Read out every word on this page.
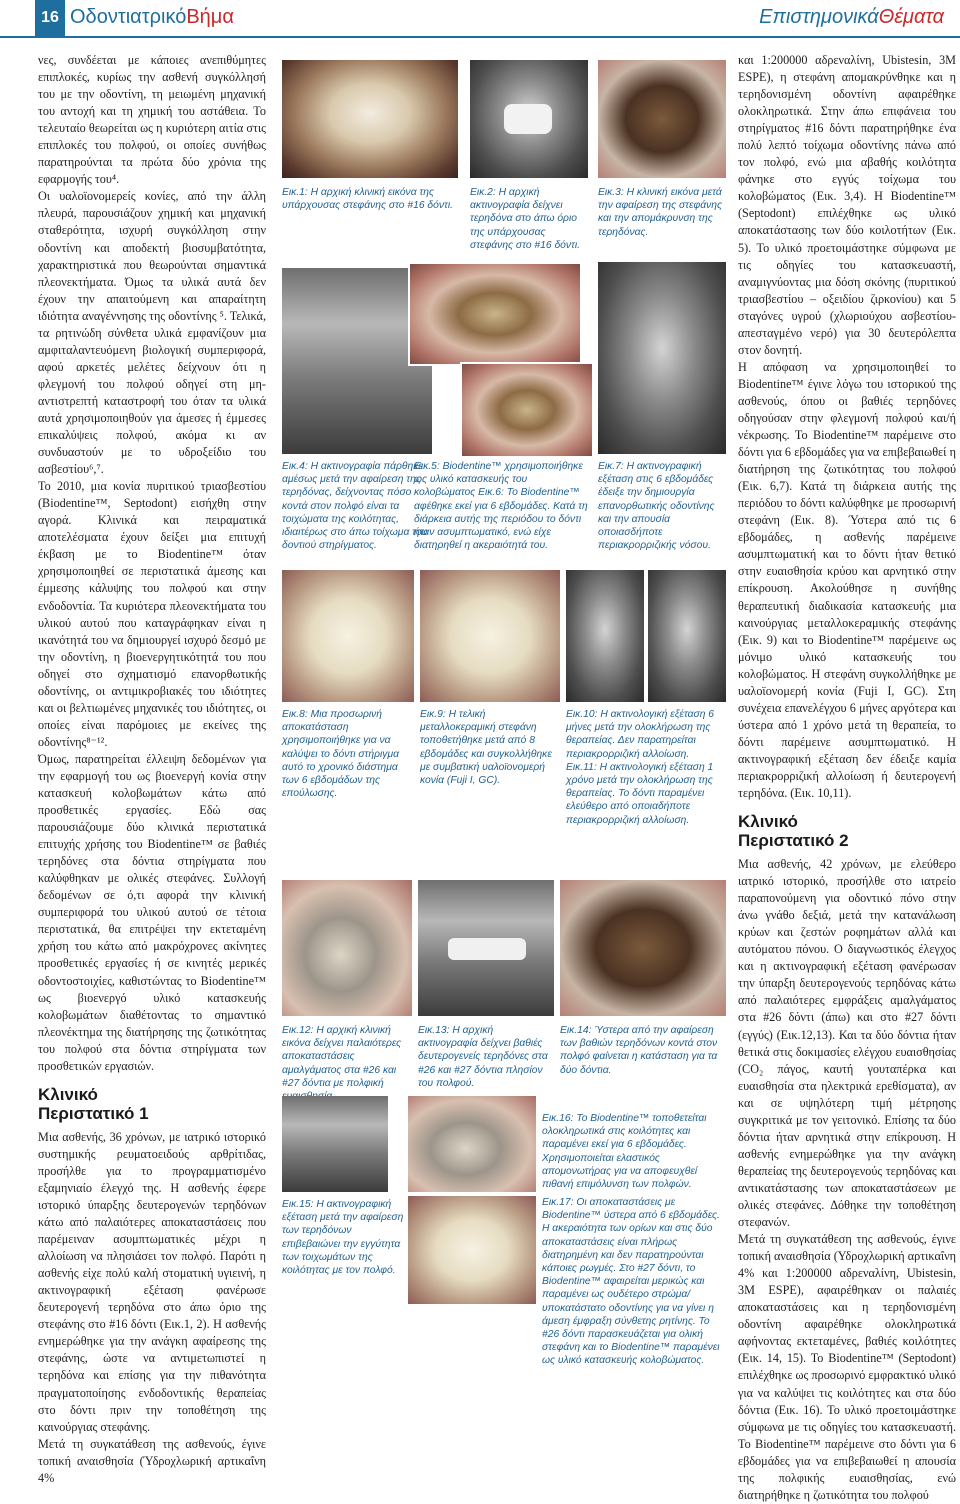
16 ΟδοντιατρικόΒήμα	ΕπιστημονικάΘέματα

νες, συνδέεται με κάποιες ανεπιθύμητες επιπλοκές, κυρίως την ασθενή συγκόλλησή του με την οδοντίνη, τη μειωμένη μηχανική του αντοχή και τη χημική του αστάθεια. Το τελευταίο θεωρείται ως η κυριότερη αιτία στις επιπλοκές του πολφού, οι οποίες συνήθως παρατηρούνται τα πρώτα δύο χρόνια της εφαρμογής του⁴.

Οι υαλοϊονομερείς κονίες, από την άλλη πλευρά, παρουσιάζουν χημική και μηχανική σταθερότητα, ισχυρή συγκόλληση στην οδοντίνη και αποδεκτή βιοσυμβατότητα, χαρακτηριστικά που θεωρούνται σημαντικά πλεονεκτήματα. Όμως τα υλικά αυτά δεν έχουν την απαιτούμενη και απαραίτητη ιδιότητα αναγέννησης της οδοντίνης ⁵. Τελικά, τα ρητινώδη σύνθετα υλικά εμφανίζουν μια αμφιταλαντευόμενη βιολογική συμπεριφορά, αφού αρκετές μελέτες δείχνουν ότι η φλεγμονή του πολφού οδηγεί στη μη-αντιστρεπτή καταστροφή του όταν τα υλικά αυτά χρησιμοποιηθούν για άμεσες ή έμμεσες επικαλύψεις πολφού, ακόμα κι αν συνδυαστούν με το υδροξείδιο του ασβεστίου⁶,⁷.

Το 2010, μια κονία πυριτικού τριασβεστίου (Biodentine™, Septodont) εισήχθη στην αγορά. Κλινικά και πειραματικά αποτελέσματα έχουν δείξει μια επιτυχή έκβαση με το Biodentine™ όταν χρησιμοποιηθεί σε περιστατικά άμεσης και έμμεσης κάλυψης του πολφού και στην ενδοδοντία. Τα κυριότερα πλεονεκτήματα του υλικού αυτού που καταγράφηκαν είναι η ικανότητά του να δημιουργεί ισχυρό δεσμό με την οδοντίνη, η βιοενεργητικότητά του που οδηγεί στο σχηματισμό επανορθωτικής οδοντίνης, οι αντιμικροβιακές του ιδιότητες και οι βελτιωμένες μηχανικές του ιδιότητες, οι οποίες είναι παρόμοιες με εκείνες της οδοντίνης⁸⁻¹².

Όμως, παρατηρείται έλλειψη δεδομένων για την εφαρμογή του ως βιοενεργή κονία στην κατασκευή κολοβωμάτων κάτω από προσθετικές εργασίες. Εδώ σας παρουσιάζουμε δύο κλινικά περιστατικά επιτυχής χρήσης του Biodentine™ σε βαθιές τερηδόνες στα δόντια στηρίγματα που καλύφθηκαν με ολικές στεφάνες. Συλλογή δεδομένων σε ό,τι αφορά την κλινική συμπεριφορά του υλικού αυτού σε τέτοια περιστατικά, θα επιτρέψει την εκτεταμένη χρήση του κάτω από μακρόχρονες ακίνητες προσθετικές εργασίες ή σε κινητές μερικές οδοντοστοιχίες, καθιστώντας το Biodentine™ ως βιοενεργό υλικό κατασκευής κολοβωμάτων διαθέτοντας το σημαντικό πλεονέκτημα της διατήρησης της ζωτικότητας του πολφού στα δόντια στηρίγματα των προσθετικών εργασιών.

Κλινικό
Περιστατικό 1

Μια ασθενής, 36 χρόνων, με ιατρικό ιστορικό συστημικής ρευματοειδούς αρθρίτιδας, προσήλθε για το προγραμματισμένο εξαμηνιαίο έλεγχό της. Η ασθενής έφερε ιστορικό ύπαρξης δευτερογενών τερηδόνων κάτω από παλαιότερες αποκαταστάσεις που παρέμειναν ασυμπτωματικές μέχρι η αλλοίωση να πλησιάσει τον πολφό. Παρότι η ασθενής είχε πολύ καλή στοματική υγιεινή, η ακτινογραφική εξέταση φανέρωσε δευτερογενή τερηδόνα στο άπω όριο της στεφάνης στο #16 δόντι (Εικ.1, 2). Η ασθενής ενημερώθηκε για την ανάγκη αφαίρεσης της στεφάνης, ώστε να αντιμετωπιστεί η τερηδόνα και επίσης για την πιθανότητα πραγματοποίησης ενδοδοντικής θεραπείας στο δόντι πριν την τοποθέτηση της καινούργιας στεφάνης.

Μετά τη συγκατάθεση της ασθενούς, έγινε τοπική αναισθησία (Ύδροχλωρική αρτικαΐνη 4%

και 1:200000 αδρεναλίνη, Ubistesin, 3M ESPE), η στεφάνη απομακρύνθηκε και η τερηδονισμένη οδοντίνη αφαιρέθηκε ολοκληρωτικά. Στην άπω επιφάνεια του στηρίγματος #16 δόντι παρατηρήθηκε ένα πολύ λεπτό τοίχωμα οδοντίνης πάνω από τον πολφό, ενώ μια αβαθής κοιλότητα φάνηκε στο εγγύς τοίχωμα του κολοβώματος (Εικ. 3,4). Η Biodentine™ (Septodont) επιλέχθηκε ως υλικό αποκατάστασης των δύο κοιλοτήτων (Εικ. 5). Το υλικό προετοιμάστηκε σύμφωνα με τις οδηγίες του κατασκευαστή, αναμιγνύοντας μια δόση σκόνης (πυριτικού τριασβεστίου – οξειδίου ζιρκονίου) και 5 σταγόνες υγρού (χλωριούχου ασβεστίου- απεσταγμένο νερό) για 30 δευτερόλεπτα στον δονητή.

Η απόφαση να χρησιμοποιηθεί το Biodentine™ έγινε λόγω του ιστορικού της ασθενούς, όπου οι βαθιές τερηδόνες οδηγούσαν στην φλεγμονή πολφού και/ή νέκρωσης. Το Biodentine™ παρέμεινε στο δόντι για 6 εβδομάδες για να επιβεβαιωθεί η διατήρηση της ζωτικότητας του πολφού (Εικ. 6,7). Κατά τη διάρκεια αυτής της περιόδου το δόντι καλύφθηκε με προσωρινή στεφάνη (Εικ. 8). Ύστερα από τις 6 εβδομάδες, η ασθενής παρέμεινε ασυμπτωματική και το δόντι ήταν θετικό στην ευαισθησία κρύου και αρνητικό στην επίκρουση. Ακολούθησε η συνήθης θεραπευτική διαδικασία κατασκευής μια καινούργιας μεταλλοκεραμικής στεφάνης (Εικ. 9) και το Biodentine™ παρέμεινε ως μόνιμο υλικό κατασκευής του κολοβώματος. Η στεφάνη συγκολλήθηκε με υαλοϊονομερή κονία (Fuji I, GC). Στη συνέχεια επανελέγχου 6 μήνες αργότερα και ύστερα από 1 χρόνο μετά τη θεραπεία, το δόντι παρέμεινε ασυμπτωματικό. Η ακτινογραφική εξέταση δεν έδειξε καμία περιακρορριζική αλλοίωση ή δευτερογενή τερηδόνα. (Εικ. 10,11).

Κλινικό
Περιστατικό 2

Μια ασθενής, 42 χρόνων, με ελεύθερο ιατρικό ιστορικό, προσήλθε στο ιατρείο παραπονούμενη για οδοντικό πόνο στην άνω γνάθο δεξιά, μετά την κατανάλωση κρύων και ζεστών ροφημάτων αλλά και αυτόματου πόνου. Ο διαγνωστικός έλεγχος και η ακτινογραφική εξέταση φανέρωσαν την ύπαρξη δευτερογενούς τερηδόνας κάτω από παλαιότερες εμφράξεις αμαλγάματος στα #26 δόντι (άπω) και στο #27 δόντι (εγγύς) (Εικ.12,13). Και τα δύο δόντια ήταν θετικά στις δοκιμασίες ελέγχου ευαισθησίας (CO₂ πάγος, καυτή γουταπέρκα και ευαισθησία στα ηλεκτρικά ερεθίσματα), αν και σε υψηλότερη τιμή μέτρησης συγκριτικά με τον γειτονικό. Επίσης τα δύο δόντια ήταν αρνητικά στην επίκρουση. Η ασθενής ενημερώθηκε για την ανάγκη θεραπείας της δευτερογενούς τερηδόνας και αντικατάστασης των αποκαταστάσεων με ολικές στεφάνες. Δόθηκε την τοποθέτηση στεφανών.

Μετά τη συγκατάθεση της ασθενούς, έγινε τοπική αναισθησία (Υδροχλωρική αρτικαΐνη 4% και 1:200000 αδρεναλίνη, Ubistesin, 3M ESPE), αφαιρέθηκαν οι παλαιές αποκαταστάσεις και η τερηδονισμένη οδοντίνη αφαιρέθηκε ολοκληρωτικά αφήνοντας εκτεταμένες, βαθιές κοιλότητες (Εικ. 14, 15). Το Biodentine™ (Septodont) επιλέχθηκε ως προσωρινό εμφρακτικό υλικό για να καλύψει τις κοιλότητες και στα δύο δόντια (Εικ. 16). Το υλικό προετοιμάστηκε σύμφωνα με τις οδηγίες του κατασκευαστή. Το Biodentine™ παρέμεινε στο δόντι για 6 εβδομάδες για να επιβεβαιωθεί η απουσία της πολφικής ευαισθησίας, ενώ διατηρήθηκε η ζωτικότητα του πολφού

Εικ.1: Η αρχική κλινική εικόνα της υπάρχουσας στεφάνης στο #16 δόντι.
Εικ.2: Η αρχική ακτινογραφία δείχνει τερηδόνα στο άπω όριο της υπάρχουσας στεφάνης στο #16 δόντι.
Εικ.3: Η κλινική εικόνα μετά την αφαίρεση της στεφάνης και την απομάκρυνση της τερηδόνας.
Εικ.4: Η ακτινογραφία πάρθηκε αμέσως μετά την αφαίρεση της τερηδόνας, δείχνοντας πόσο κοντά στον πολφό είναι τα τοιχώματα της κοιλότητας, ιδιαιτέρως στο άπω τοίχωμα του δοντιού στηρίγματος.
Εικ.5: Biodentine™ χρησιμοποιήθηκε ως υλικό κατασκευής του κολοβώματος Εικ.6: Το Biodentine™ αφέθηκε εκεί για 6 εβδομάδες. Κατά τη διάρκεια αυτής της περιόδου το δόντι ήταν ασυμπτωματικό, ενώ είχε διατηρηθεί η ακεραιότητά του.
Εικ.7: Η ακτινογραφική εξέταση στις 6 εβδομάδες έδειξε την δημιουργία επανορθωτικής οδοντίνης και την απουσία οποιασδήποτε περιακρορριζικής νόσου.
Εικ.8: Μια προσωρινή αποκατάσταση χρησιμοποιήθηκε για να καλύψει το δόντι στήριγμα αυτό το χρονικό διάστημα των 6 εβδομάδων της επούλωσης.
Εικ.9: Η τελική μεταλλοκεραμική στεφάνη τοποθετήθηκε μετά από 8 εβδομάδες και συγκολλήθηκε με συμβατική υαλοϊονομερή κονία (Fuji I, GC).
Εικ.10: Η ακτινολογική εξέταση 6 μήνες μετά την ολοκλήρωση της θεραπείας. Δεν παρατηρείται περιακρορριζική αλλοίωση.
Εικ.11: Η ακτινολογική εξέταση 1 χρόνο μετά την ολοκλήρωση της θεραπείας. Το δόντι παραμένει ελεύθερο από οποιαδήποτε περιακρορριζική αλλοίωση.
Εικ.12: Η αρχική κλινική εικόνα δείχνει παλαιότερες αποκαταστάσεις αμαλγάματος στα #26 και #27 δόντια με πολφική
Εικ.13: Η αρχική ακτινογραφία δείχνει βαθιές δευτερογενείς τερηδόνες στα #26 και #27 δόντια πλησίον του πολφού.
Εικ.14: Ύστερα από την αφαίρεση των βαθιών τερηδόνων κοντά στον πολφό φαίνεται η κατάσταση για τα δύο δόντια.
Εικ.15: Η ακτινογραφική εξέταση μετά την αφαίρεση των τερηδόνων επιβεβαιώνει την εγγύτητα των τοιχωμάτων της κοιλότητας με τον πολφό.
Εικ.16: Το Biodentine™ τοποθετείται ολοκληρωτικά στις κοιλότητες και παραμένει εκεί για 6 εβδομάδες. Χρησιμοποιείται ελαστικός απομονωτήρας για να αποφευχθεί πιθανή επιμόλυνση των πολφών.
Εικ.17: Οι αποκαταστάσεις με Biodentine™ ύστερα από 6 εβδομάδες. Η ακεραιότητα των ορίων και στις δύο αποκαταστάσεις είναι πλήρως διατηρημένη και δεν παρατηρούνται κάποιες ρωγμές. Στο #27 δόντι, το Biodentine™ αφαιρείται μερικώς και παραμένει ως ουδέτερο στρώμα/υποκατάστατο οδοντίνης για να γίνει η άμεση έμφραξη σύνθετης ρητίνης. Το #26 δόντι παρασκευάζεται για ολική στεφάνη και το Biodentine™ παραμένει ως υλικό κατασκευής κολοβώματος.
